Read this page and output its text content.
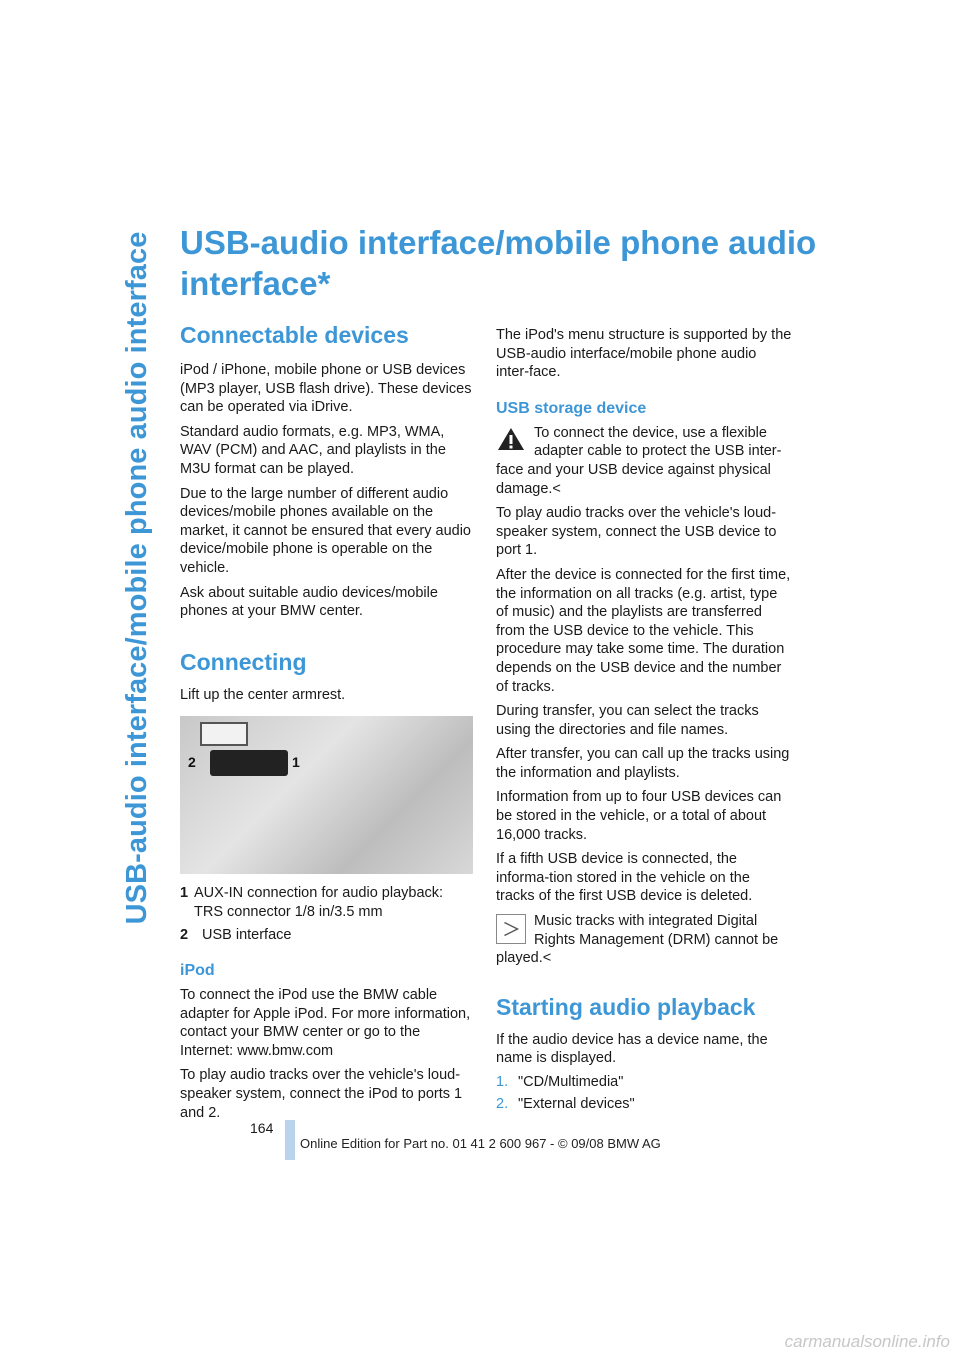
USB-audio interface/mobile phone audio interface USB-audio interface/mobile phone audio interface*
Connectable devices

iPod / iPhone, mobile phone or USB devices (MP3 player, USB flash drive). These devices can be operated via iDrive.

Standard audio formats, e.g. MP3, WMA, WAV (PCM) and AAC, and playlists in the M3U format can be played.

Due to the large number of different audio devices/mobile phones available on the market, it cannot be ensured that every audio device/mobile phone is operable on the vehicle.

Ask about suitable audio devices/mobile phones at your BMW center.

Connecting

Lift up the center armrest.

2	1
1 AUX-IN connection for audio playback: TRS connector 1/8 in/3.5 mm
2 USB interface
iPod

To connect the iPod use the BMW cable adapter for Apple iPod. For more information, contact your BMW center or go to the Internet: www.bmw.com

To play audio tracks over the vehicle's loud-speaker system, connect the iPod to ports 1 and 2.

The iPod's menu structure is supported by the USB-audio interface/mobile phone audio inter-face.

USB storage device

To connect the device, use a flexible adapter cable to protect the USB inter-face and your USB device against physical damage.<

To play audio tracks over the vehicle's loud-speaker system, connect the USB device to port 1.

After the device is connected for the first time, the information on all tracks (e.g. artist, type of music) and the playlists are transferred from the USB device to the vehicle. This procedure may take some time. The duration depends on the USB device and the number of tracks.

During transfer, you can select the tracks using the directories and file names.

After transfer, you can call up the tracks using the information and playlists.

Information from up to four USB devices can be stored in the vehicle, or a total of about 16,000 tracks.

If a fifth USB device is connected, the informa-tion stored in the vehicle on the tracks of the first USB device is deleted.

Music tracks with integrated Digital Rights Management (DRM) cannot be played.<

Starting audio playback

If the audio device has a device name, the name is displayed.

1. "CD/Multimedia"
2. "External devices"
164
Online Edition for Part no. 01 41 2 600 967 - © 09/08 BMW AG
carmanualsonline.info
